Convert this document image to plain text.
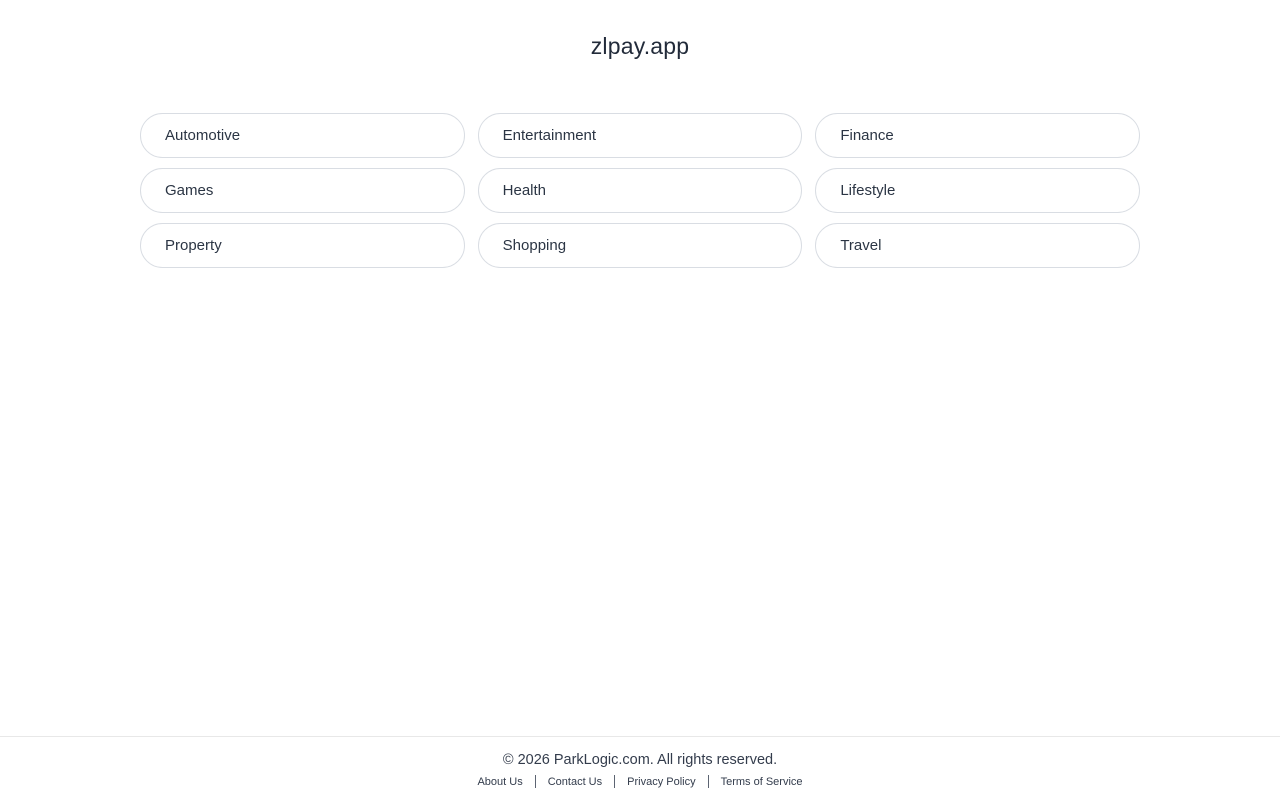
zlpay.app
Automotive	Entertainment	Finance
Games	Health	Lifestyle
Property	Shopping	Travel
© 2026 ParkLogic.com. All rights reserved.
About Us	Contact Us	Privacy Policy	Terms of Service
